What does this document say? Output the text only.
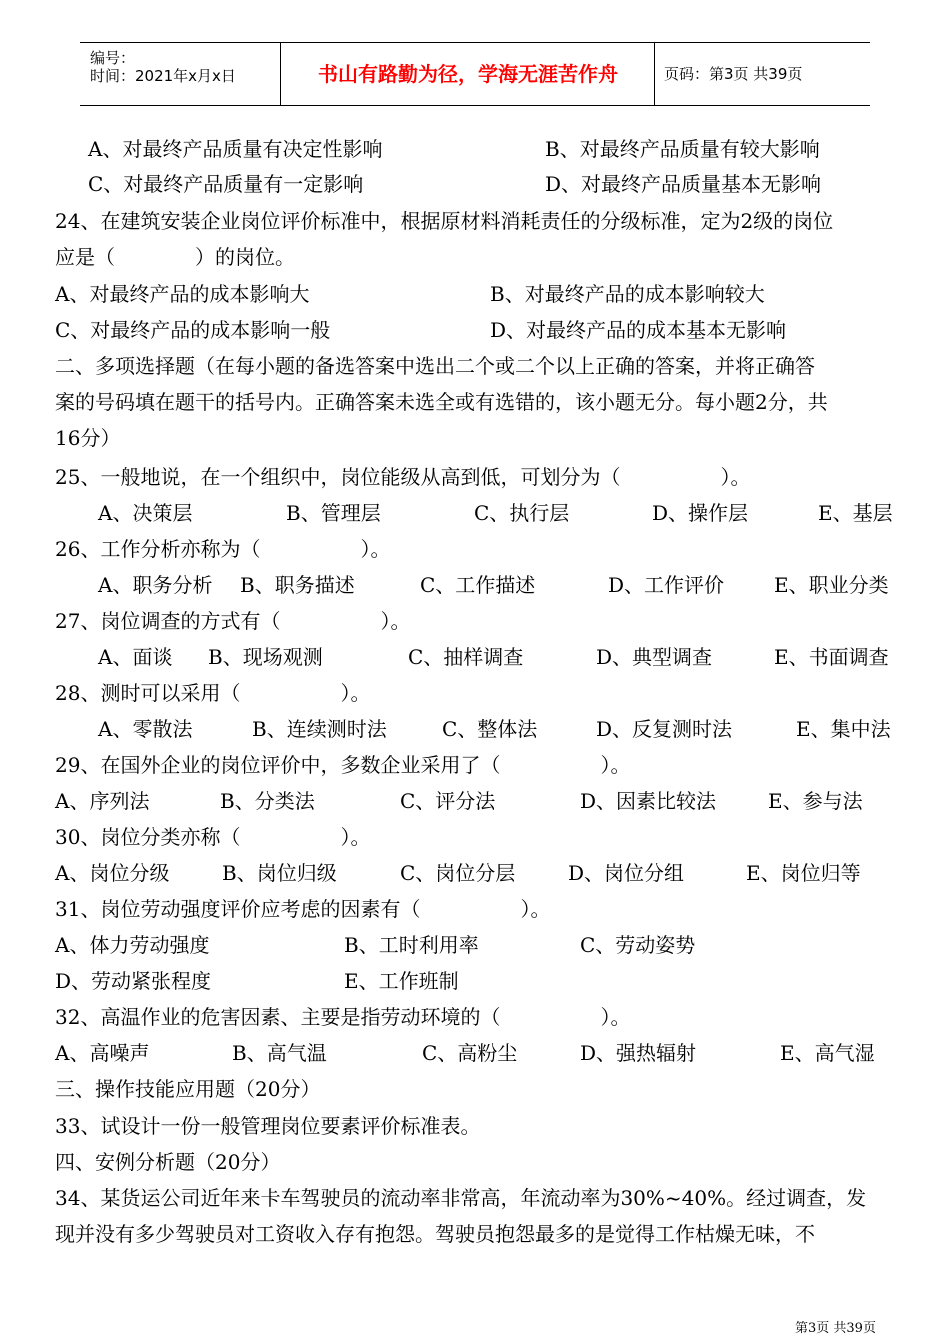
编号：
时间：2021年x月x日	书山有路勤为径，学海无涯苦作舟	页码：第3页 共39页
A、对最终产品质量有决定性影响	B、对最终产品质量有较大影响
C、对最终产品质量有一定影响	D、对最终产品质量基本无影响
24、在建筑安装企业岗位评价标准中，根据原材料消耗责任的分级标准，定为2级的岗位
应是（　　　　）的岗位。
A、对最终产品的成本影响大	B、对最终产品的成本影响较大
C、对最终产品的成本影响一般	D、对最终产品的成本基本无影响
二、多项选择题（在每小题的备选答案中选出二个或二个以上正确的答案，并将正确答
案的号码填在题干的括号内。正确答案未选全或有选错的，该小题无分。每小题2分，共
16分）
25、一般地说，在一个组织中，岗位能级从高到低，可划分为（　　　　　）。
A、决策层	B、管理层	C、执行层	D、操作层	E、基层
26、工作分析亦称为（　　　　　）。
A、职务分析 B、职务描述	C、工作描述	D、工作评价 E、职业分类
27、岗位调查的方式有（　　　　　）。
A、面谈 B、现场观测	C、抽样调查	D、典型调查	E、书面调查
28、测时可以采用（　　　　　）。
A、零散法	B、连续测时法	C、整体法	D、反复测时法	E、集中法
29、在国外企业的岗位评价中，多数企业采用了（　　　　　）。
A、序列法	B、分类法	C、评分法	D、因素比较法	E、参与法
30、岗位分类亦称（　　　　　）。
A、岗位分级	B、岗位归级	C、岗位分层	D、岗位分组	E、岗位归等
31、岗位劳动强度评价应考虑的因素有（　　　　　）。
A、体力劳动强度	B、工时利用率	C、劳动姿势
D、劳动紧张程度	E、工作班制
32、高温作业的危害因素、主要是指劳动环境的（　　　　　）。
A、高噪声	B、高气温	C、高粉尘	D、强热辐射	E、高气湿
三、操作技能应用题（20分）
33、试设计一份一般管理岗位要素评价标准表。
四、安例分析题（20分）
34、某货运公司近年来卡车驾驶员的流动率非常高，年流动率为30%~40%。经过调查，发
现并没有多少驾驶员对工资收入存有抱怨。驾驶员抱怨最多的是觉得工作枯燥无味，不
第3页 共39页
